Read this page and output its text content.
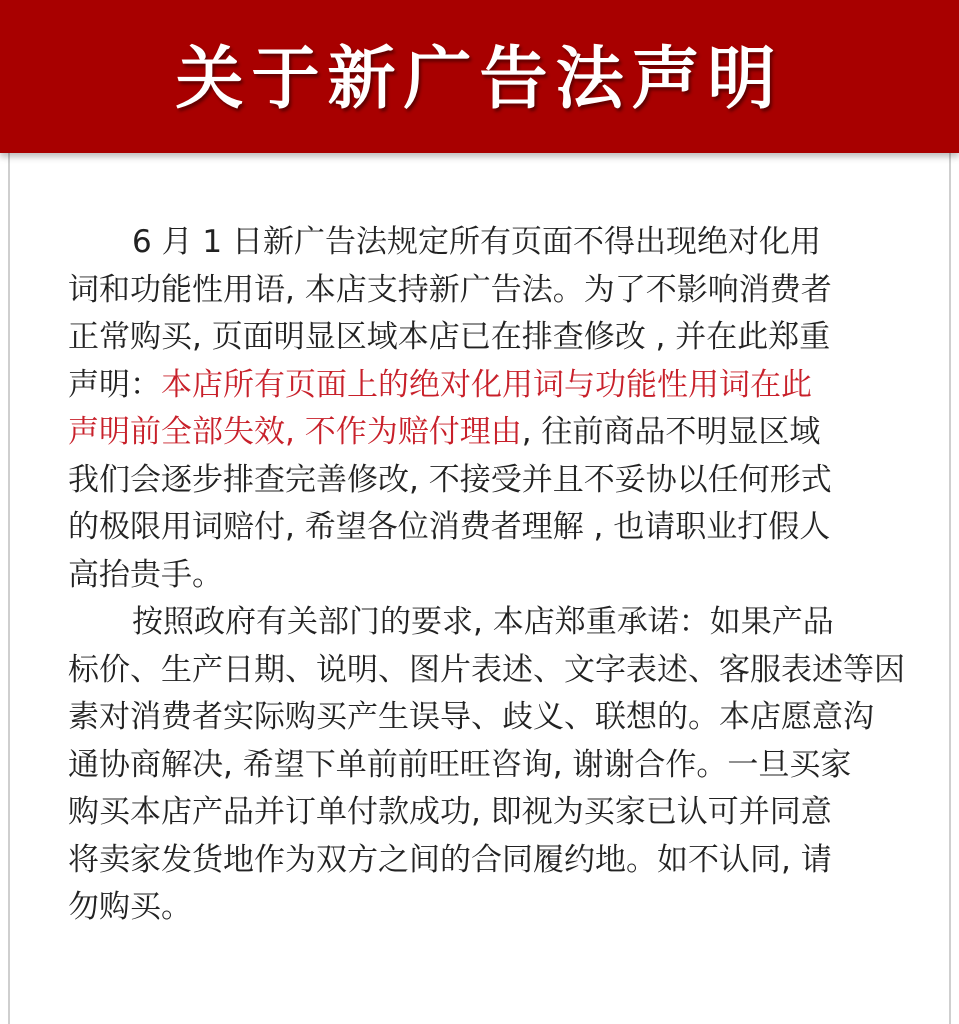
关于新广告法声明
6 月 1 日新广告法规定所有页面不得出现绝对化用
词和功能性用语, 本店支持新广告法。为了不影响消费者
正常购买, 页面明显区域本店已在排查修改 , 并在此郑重
声明：本店所有页面上的绝对化用词与功能性用词在此
声明前全部失效, 不作为赔付理由, 往前商品不明显区域
我们会逐步排查完善修改, 不接受并且不妥协以任何形式
的极限用词赔付, 希望各位消费者理解 , 也请职业打假人
高抬贵手。
按照政府有关部门的要求, 本店郑重承诺：如果产品
标价、生产日期、说明、图片表述、文字表述、客服表述等因
素对消费者实际购买产生误导、歧义、联想的。本店愿意沟
通协商解决, 希望下单前前旺旺咨询, 谢谢合作。一旦买家
购买本店产品并订单付款成功, 即视为买家已认可并同意
将卖家发货地作为双方之间的合同履约地。如不认同, 请
勿购买。
